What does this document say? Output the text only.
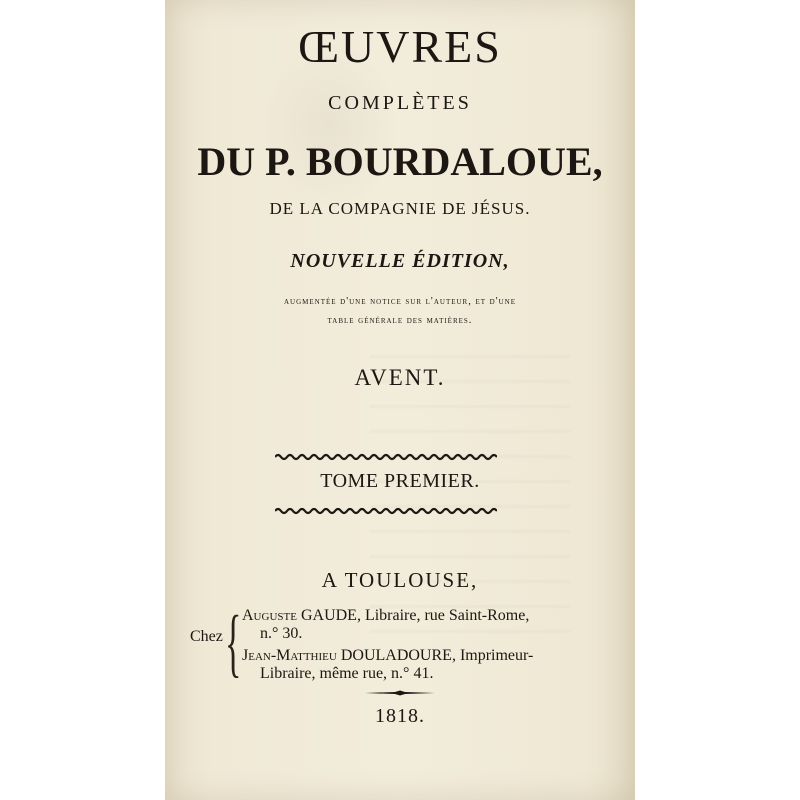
ŒUVRES
COMPLÈTES
DU P. BOURDALOUE,
DE LA COMPAGNIE DE JÉSUS.
NOUVELLE ÉDITION,
augmentée d'une notice sur l'auteur, et d'une
table générale des matières.
AVENT.
TOME PREMIER.
A TOULOUSE,
Chez { Auguste GAUDE, Libraire, rue Saint-Rome,
n.° 30.
Jean-Matthieu DOULADOURE, Imprimeur-
Libraire, même rue, n.° 41.
1818.
